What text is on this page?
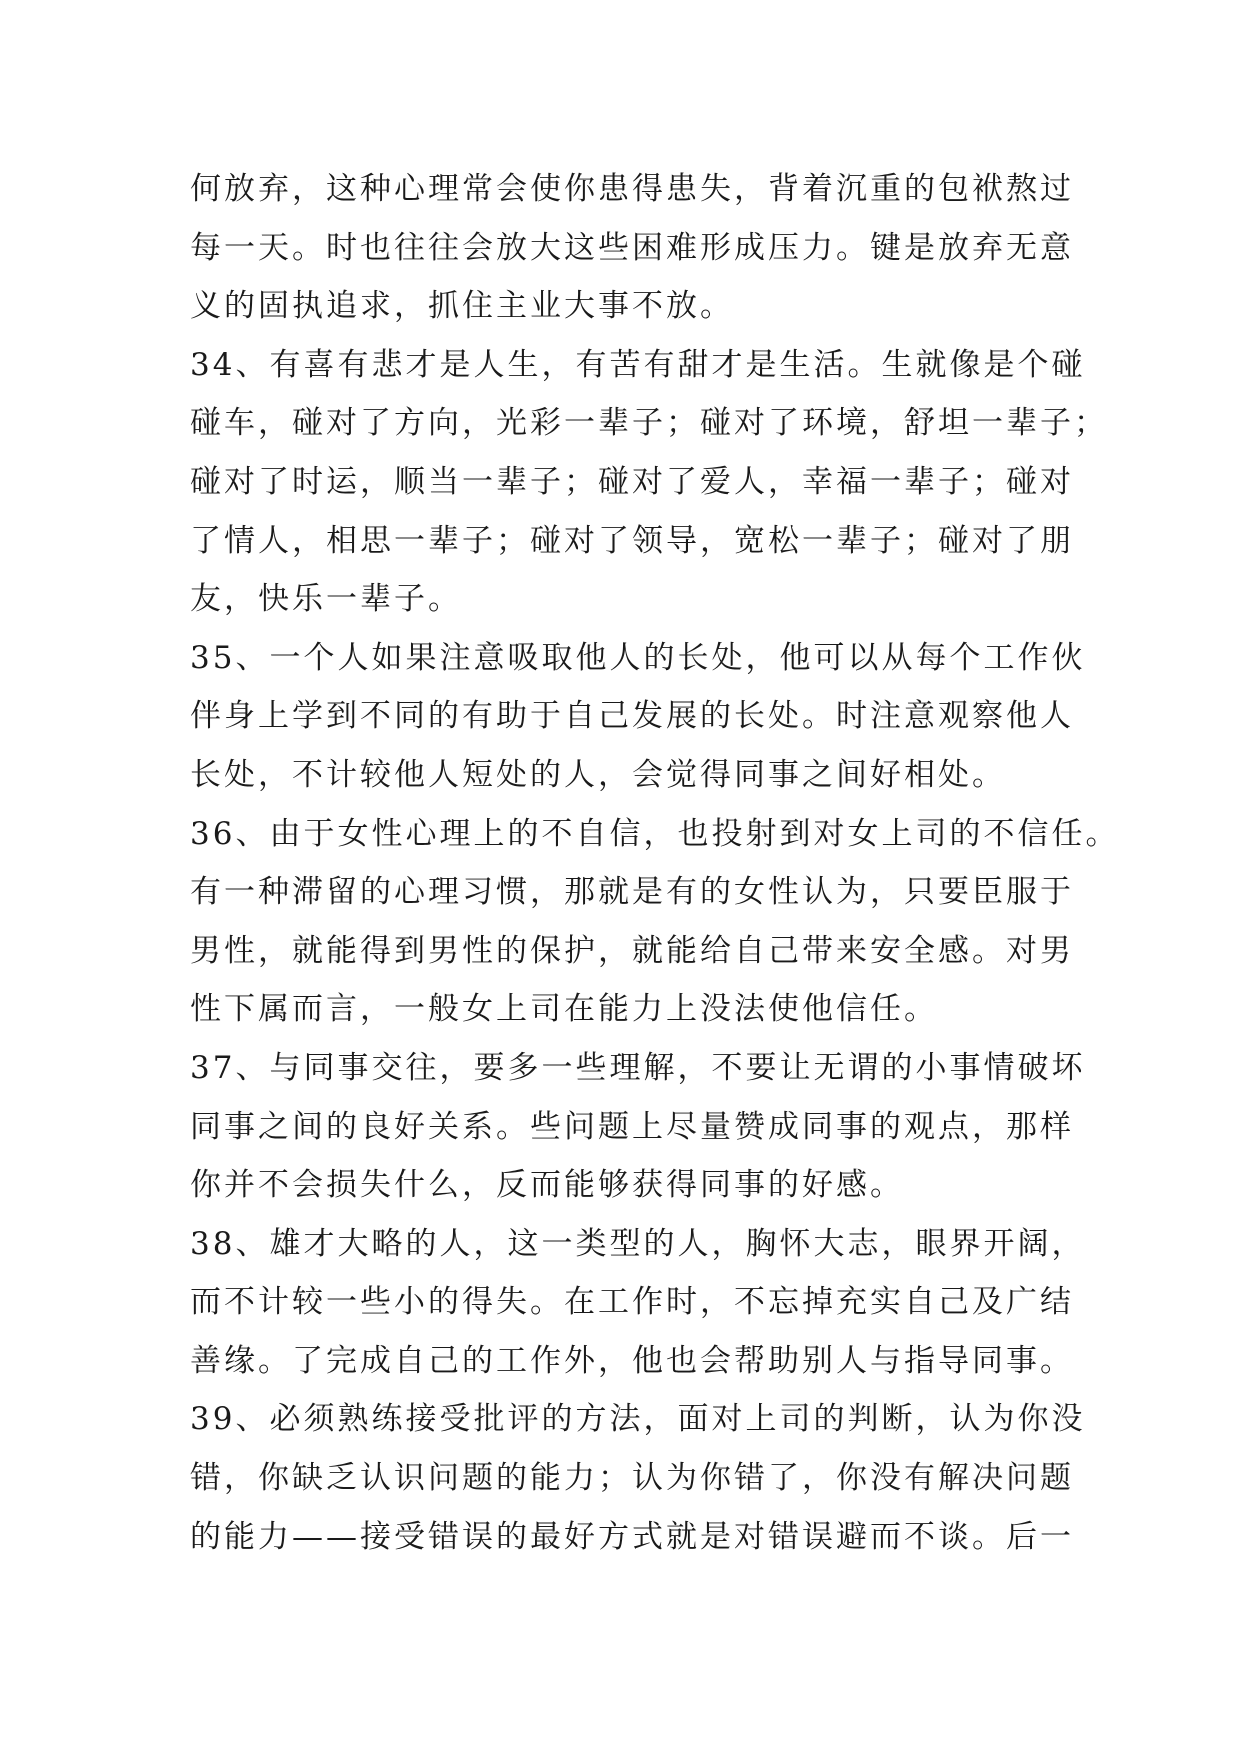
何放弃，这种心理常会使你患得患失，背着沉重的包袱熬过
每一天。时也往往会放大这些困难形成压力。键是放弃无意
义的固执追求，抓住主业大事不放。
34、有喜有悲才是人生，有苦有甜才是生活。生就像是个碰
碰车，碰对了方向，光彩一辈子；碰对了环境，舒坦一辈子；
碰对了时运，顺当一辈子；碰对了爱人，幸福一辈子；碰对
了情人，相思一辈子；碰对了领导，宽松一辈子；碰对了朋
友，快乐一辈子。
35、一个人如果注意吸取他人的长处，他可以从每个工作伙
伴身上学到不同的有助于自己发展的长处。时注意观察他人
长处，不计较他人短处的人，会觉得同事之间好相处。
36、由于女性心理上的不自信，也投射到对女上司的不信任。
有一种滞留的心理习惯，那就是有的女性认为，只要臣服于
男性，就能得到男性的保护，就能给自己带来安全感。对男
性下属而言，一般女上司在能力上没法使他信任。
37、与同事交往，要多一些理解，不要让无谓的小事情破坏
同事之间的良好关系。些问题上尽量赞成同事的观点，那样
你并不会损失什么，反而能够获得同事的好感。
38、雄才大略的人，这一类型的人，胸怀大志，眼界开阔，
而不计较一些小的得失。在工作时，不忘掉充实自己及广结
善缘。了完成自己的工作外，他也会帮助别人与指导同事。
39、必须熟练接受批评的方法，面对上司的判断，认为你没
错，你缺乏认识问题的能力；认为你错了，你没有解决问题
的能力——接受错误的最好方式就是对错误避而不谈。后一
